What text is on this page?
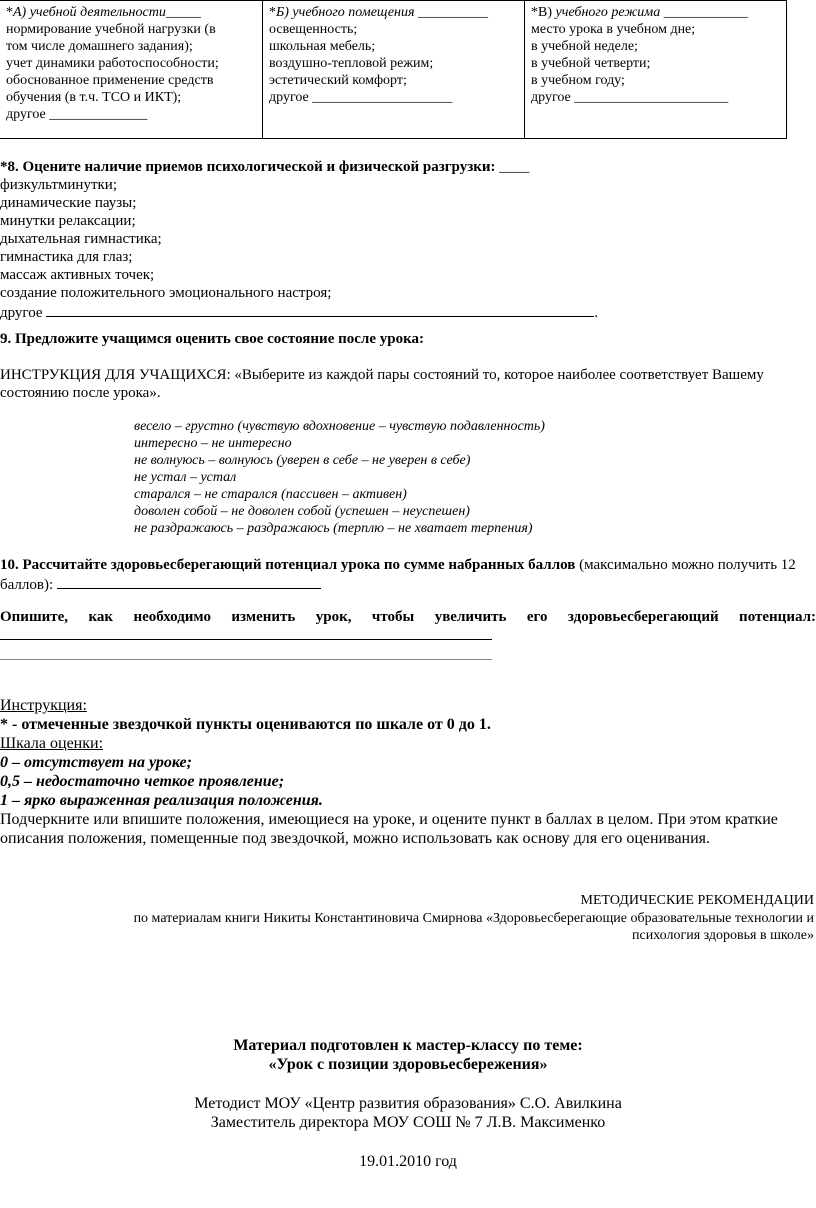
*А) учебной деятельности_____
нормирование учебной нагрузки (в
том числе домашнего задания);
учет динамики работоспособности;
обоснованное применение средств
обучения (в т.ч. ТСО и ИКТ);
другое ______________

*Б) учебного помещения __________
освещенность;
школьная мебель;
воздушно-тепловой режим;
эстетический комфорт;
другое ____________________

*В) учебного режима ____________
место урока в учебном дне;
в учебной неделе;
в учебной четверти;
в учебном году;
другое ______________________
*8. Оцените наличие приемов психологической и физической разгрузки: ____
физкультминутки;
динамические паузы;
минутки релаксации;
дыхательная гимнастика;
гимнастика для глаз;
массаж активных точек;
создание положительного эмоционального настроя;
другое	.
9. Предложите учащимся оценить свое состояние после урока:
ИНСТРУКЦИЯ ДЛЯ УЧАЩИХСЯ: «Выберите из каждой пары состояний то, которое наиболее соответствует Вашему
состоянию после урока».
весело – грустно (чувствую вдохновение – чувствую подавленность)
интересно – не интересно
не волнуюсь – волнуюсь (уверен в себе – не уверен в себе)
не устал – устал
старался – не старался (пассивен – активен)
доволен собой – не доволен собой (успешен – неуспешен)
не раздражаюсь – раздражаюсь (терплю – не хватает терпения)
10. Рассчитайте здоровьесберегающий потенциал урока по сумме набранных баллов (максимально можно получить 12
баллов):
Опишите, как необходимо изменить урок, чтобы увеличить его здоровьесберегающий потенциал:
Инструкция:
* - отмеченные звездочкой пункты оцениваются по шкале от 0 до 1.
Шкала оценки:
0 – отсутствует на уроке;
0,5 – недостаточно четкое проявление;
1 – ярко выраженная реализация положения.
Подчеркните или впишите положения, имеющиеся на уроке, и оцените пункт в баллах в целом. При этом краткие
описания положения, помещенные под звездочкой, можно использовать как основу для его оценивания.
МЕТОДИЧЕСКИЕ РЕКОМЕНДАЦИИ
по материалам книги Никиты Константиновича Смирнова «Здоровьесберегающие образовательные технологии и
психология здоровья в школе»
Материал подготовлен к мастер-классу по теме:
«Урок с позиции здоровьесбережения»
Методист МОУ «Центр развития образования» С.О. Авилкина
Заместитель директора МОУ СОШ № 7 Л.В. Максименко
19.01.2010 год
